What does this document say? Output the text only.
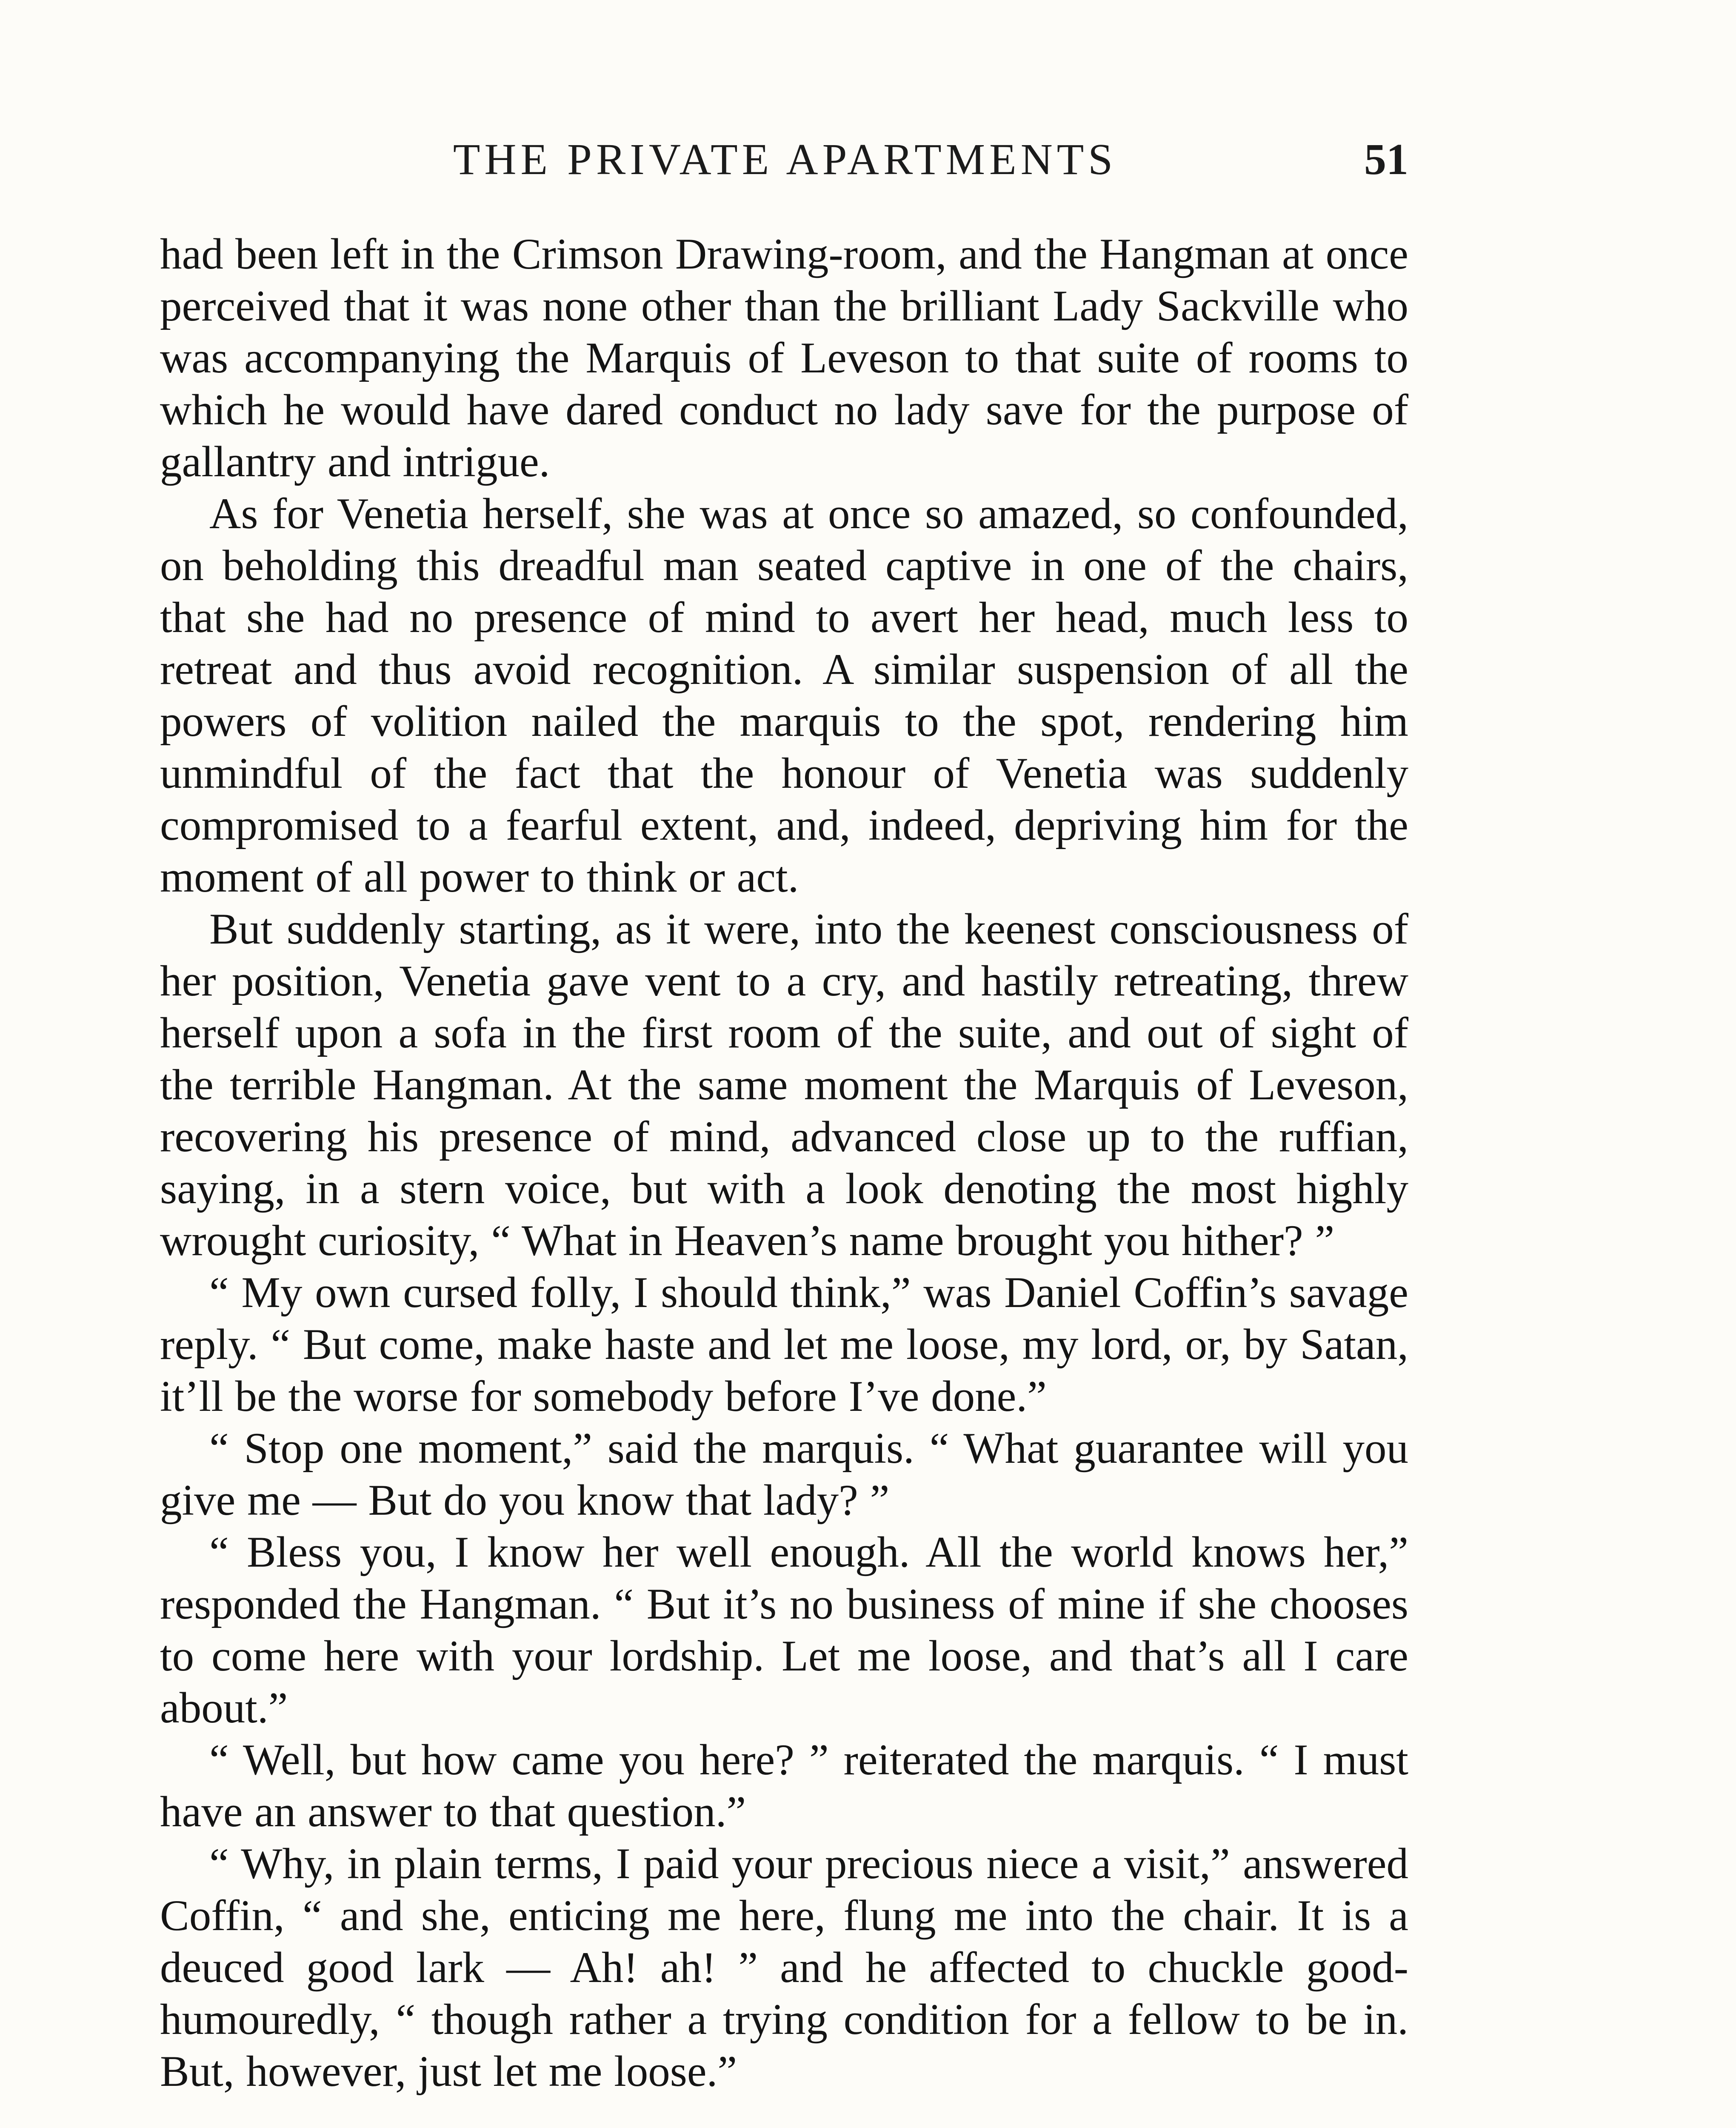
THE PRIVATE APARTMENTS	51

had been left in the Crimson Drawing-room, and the Hangman at once perceived that it was none other than the brilliant Lady Sackville who was accompanying the Marquis of Leveson to that suite of rooms to which he would have dared conduct no lady save for the purpose of gallantry and intrigue.

As for Venetia herself, she was at once so amazed, so confounded, on beholding this dreadful man seated captive in one of the chairs, that she had no presence of mind to avert her head, much less to retreat and thus avoid recognition. A similar suspension of all the powers of volition nailed the marquis to the spot, rendering him unmindful of the fact that the honour of Venetia was suddenly compromised to a fearful extent, and, indeed, depriving him for the moment of all power to think or act.

But suddenly starting, as it were, into the keenest consciousness of her position, Venetia gave vent to a cry, and hastily retreating, threw herself upon a sofa in the first room of the suite, and out of sight of the terrible Hangman. At the same moment the Marquis of Leveson, recovering his presence of mind, advanced close up to the ruffian, saying, in a stern voice, but with a look denoting the most highly wrought curiosity, “ What in Heaven’s name brought you hither? ”

“ My own cursed folly, I should think,” was Daniel Coffin’s savage reply. “ But come, make haste and let me loose, my lord, or, by Satan, it’ll be the worse for somebody before I’ve done.”

“ Stop one moment,” said the marquis. “ What guarantee will you give me — But do you know that lady? ”

“ Bless you, I know her well enough. All the world knows her,” responded the Hangman. “ But it’s no business of mine if she chooses to come here with your lordship. Let me loose, and that’s all I care about.”

“ Well, but how came you here? ” reiterated the marquis. “ I must have an answer to that question.”

“ Why, in plain terms, I paid your precious niece a visit,” answered Coffin, “ and she, enticing me here, flung me into the chair. It is a deuced good lark — Ah! ah! ” and he affected to chuckle good-humouredly, “ though rather a trying condition for a fellow to be in. But, however, just let me loose.”
